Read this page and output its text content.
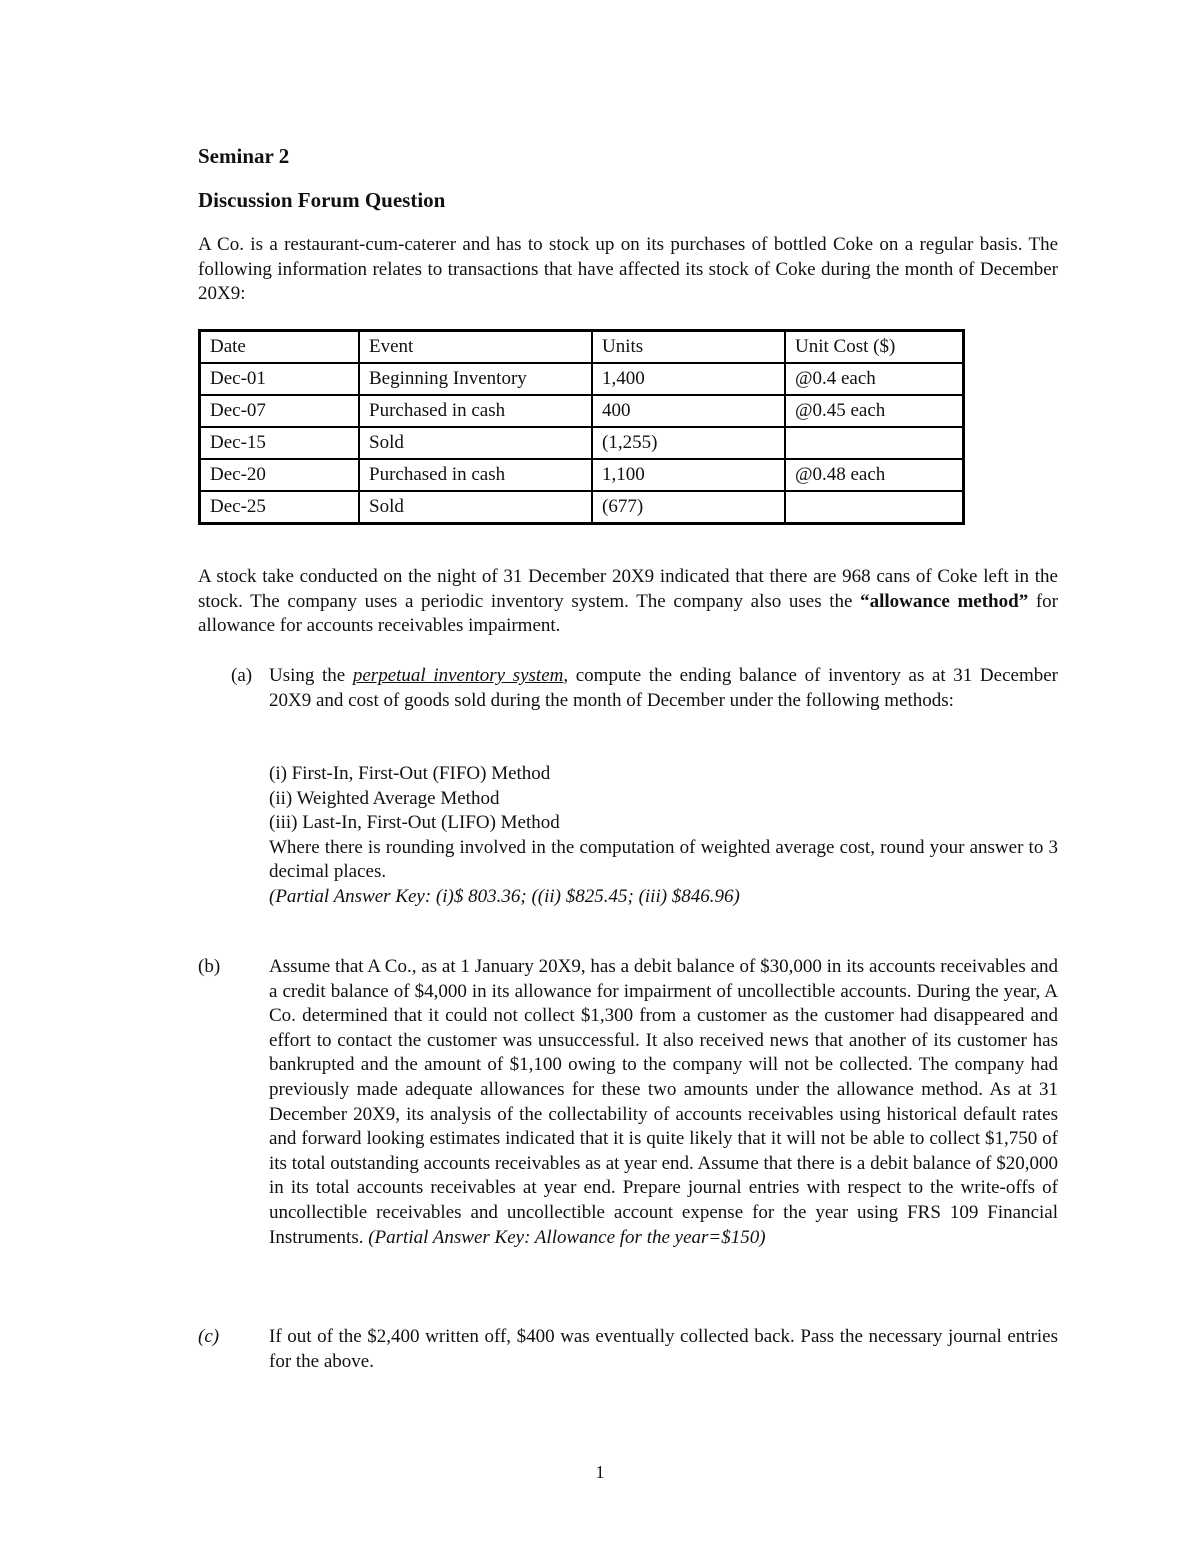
Seminar 2
Discussion Forum Question
A Co. is a restaurant-cum-caterer and has to stock up on its purchases of bottled Coke on a regular basis. The following information relates to transactions that have affected its stock of Coke during the month of December 20X9:
Date	Event	Units	Unit Cost ($)
Dec-01	Beginning Inventory	1,400	@0.4 each
Dec-07	Purchased in cash	400	@0.45 each
Dec-15	Sold	(1,255)	
Dec-20	Purchased in cash	1,100	@0.48 each
Dec-25	Sold	(677)	
A stock take conducted on the night of 31 December 20X9 indicated that there are 968 cans of Coke left in the stock. The company uses a periodic inventory system. The company also uses the “allowance method” for allowance for accounts receivables impairment.
(a) Using the perpetual inventory system, compute the ending balance of inventory as at 31 December 20X9 and cost of goods sold during the month of December under the following methods:
(i) First-In, First-Out (FIFO) Method
(ii) Weighted Average Method
(iii) Last-In, First-Out (LIFO) Method
Where there is rounding involved in the computation of weighted average cost, round your answer to 3 decimal places.
(Partial Answer Key: (i)$ 803.36; ((ii) $825.45; (iii) $846.96)
(b)	Assume that A Co., as at 1 January 20X9, has a debit balance of $30,000 in its accounts receivables and a credit balance of $4,000 in its allowance for impairment of uncollectible accounts. During the year, A Co. determined that it could not collect $1,300 from a customer as the customer had disappeared and effort to contact the customer was unsuccessful. It also received news that another of its customer has bankrupted and the amount of $1,100 owing to the company will not be collected. The company had previously made adequate allowances for these two amounts under the allowance method. As at 31 December 20X9, its analysis of the collectability of accounts receivables using historical default rates and forward looking estimates indicated that it is quite likely that it will not be able to collect $1,750 of its total outstanding accounts receivables as at year end. Assume that there is a debit balance of $20,000 in its total accounts receivables at year end. Prepare journal entries with respect to the write-offs of uncollectible receivables and uncollectible account expense for the year using FRS 109 Financial Instruments. (Partial Answer Key: Allowance for the year=$150)
(c)	If out of the $2,400 written off, $400 was eventually collected back. Pass the necessary journal entries for the above.
1
